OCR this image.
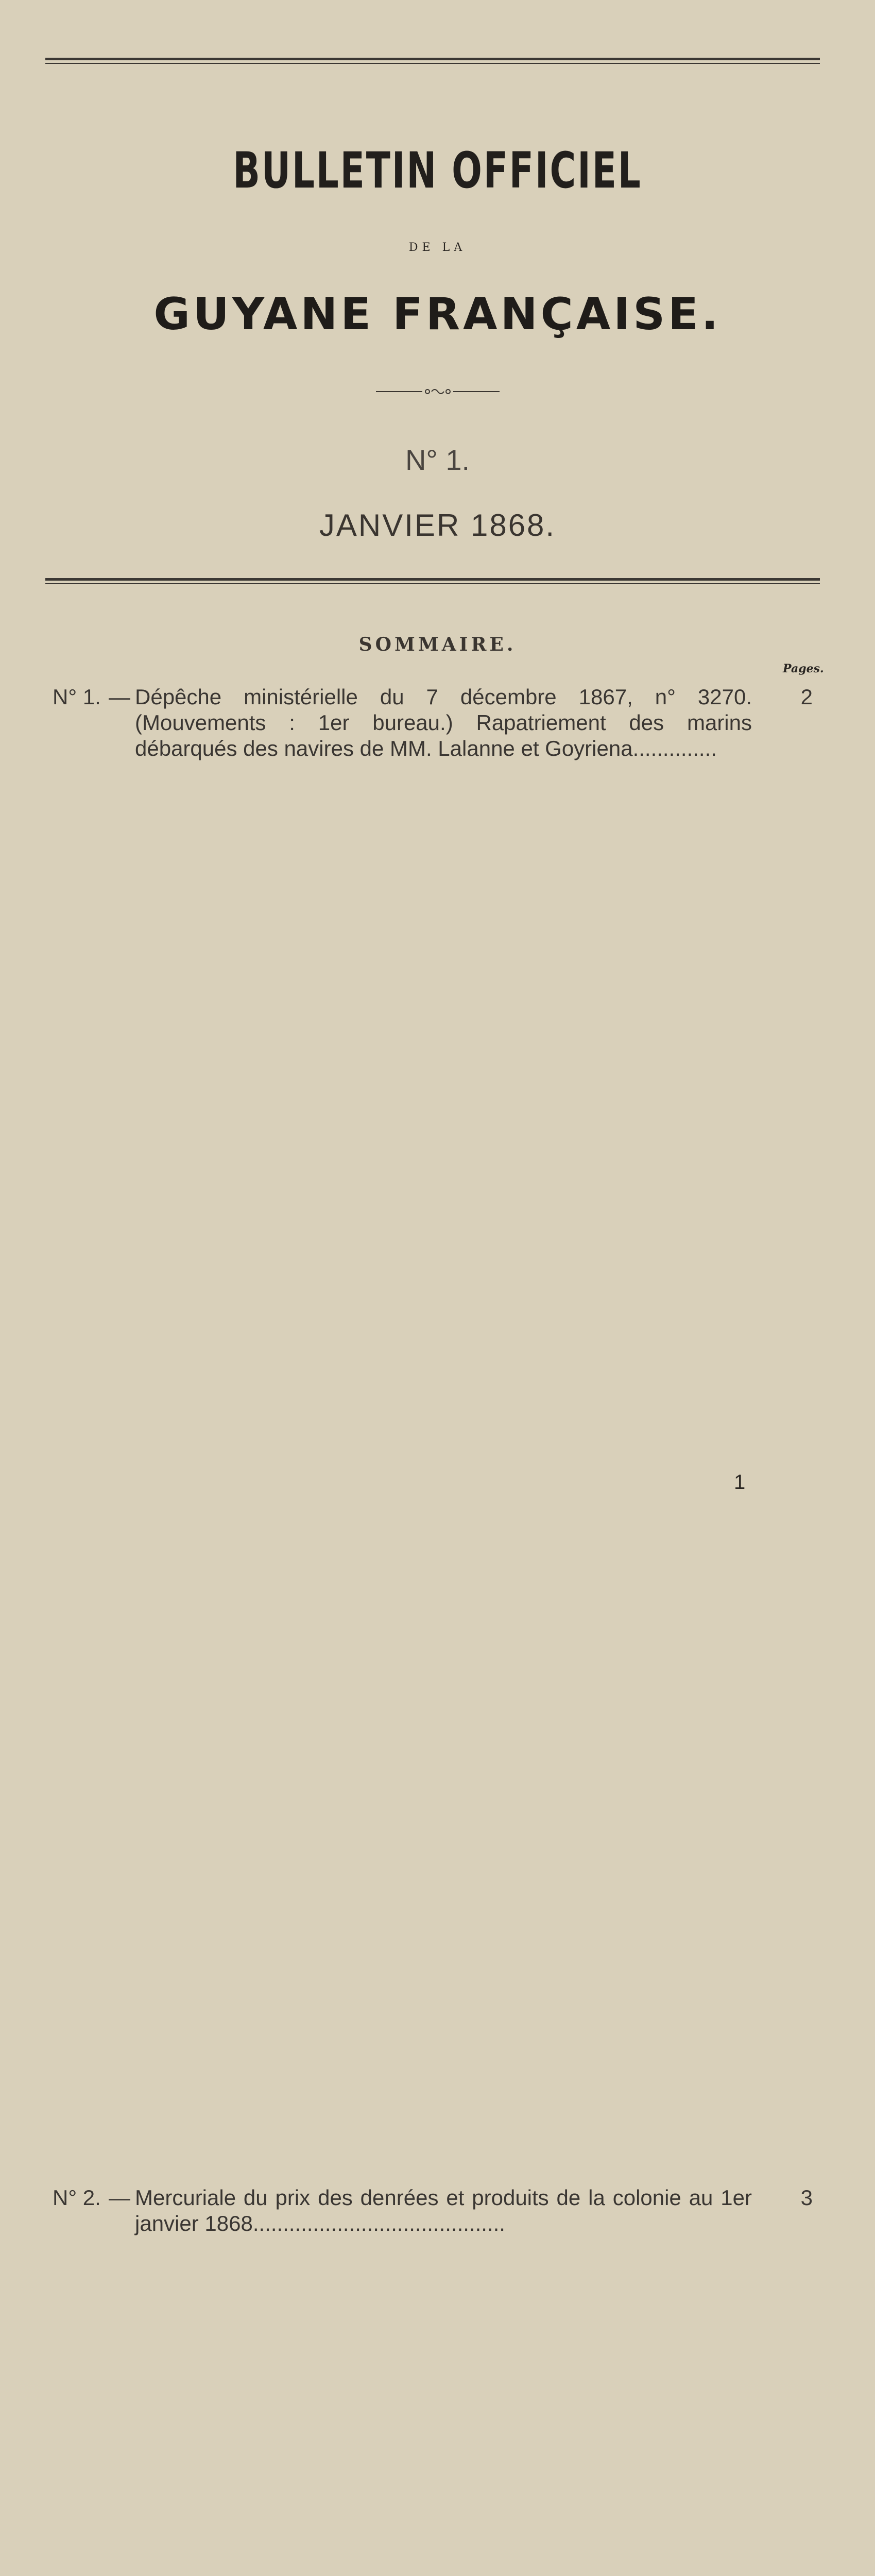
BULLETIN OFFICIEL
DE LA
GUYANE FRANÇAISE.
N° 1.
JANVIER 1868.
SOMMAIRE.
Pages.
N° 1. — Dépêche ministérielle du 7 décembre 1867, n° 3270. (Mouvements : 1er bureau.) Rapatriement des marins débarqués des navires de MM. Lalanne et Goyriena..............
2
N° 2. — Mercuriale du prix des denrées et produits de la colonie au 1er janvier 1868..........................................
3
1
